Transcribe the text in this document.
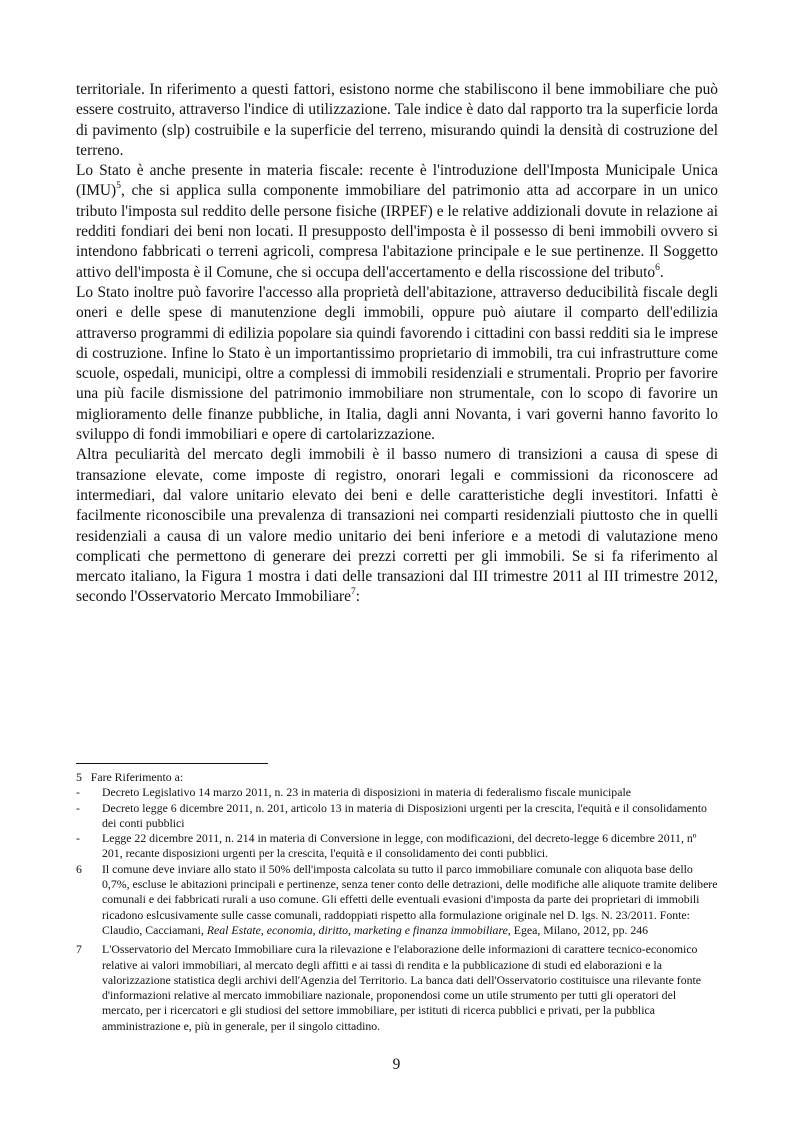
territoriale. In riferimento a questi fattori, esistono norme che stabiliscono il bene immobiliare che può essere costruito, attraverso l'indice di utilizzazione. Tale indice è dato dal rapporto tra la superficie lorda di pavimento (slp) costruibile e la superficie del terreno, misurando quindi la densità di costruzione del terreno.

Lo Stato è anche presente in materia fiscale: recente è l'introduzione dell'Imposta Municipale Unica (IMU)$^5$, che si applica sulla componente immobiliare del patrimonio atta ad accorpare in un unico tributo l'imposta sul reddito delle persone fisiche (IRPEF) e le relative addizionali dovute in relazione ai redditi fondiari dei beni non locati. Il presupposto dell'imposta è il possesso di beni immobili ovvero si intendono fabbricati o terreni agricoli, compresa l'abitazione principale e le sue pertinenze. Il Soggetto attivo dell'imposta è il Comune, che si occupa dell'accertamento e della riscossione del tributo$^6$.

Lo Stato inoltre può favorire l'accesso alla proprietà dell'abitazione, attraverso deducibilità fiscale degli oneri e delle spese di manutenzione degli immobili, oppure può aiutare il comparto dell'edilizia attraverso programmi di edilizia popolare sia quindi favorendo i cittadini con bassi redditi sia le imprese di costruzione. Infine lo Stato è un importantissimo proprietario di immobili, tra cui infrastrutture come scuole, ospedali, municipi, oltre a complessi di immobili residenziali e strumentali. Proprio per favorire una più facile dismissione del patrimonio immobiliare non strumentale, con lo scopo di favorire un miglioramento delle finanze pubbliche, in Italia, dagli anni Novanta, i vari governi hanno favorito lo sviluppo di fondi immobiliari e opere di cartolarizzazione.

Altra peculiarità del mercato degli immobili è il basso numero di transizioni a causa di spese di transazione elevate, come imposte di registro, onorari legali e commissioni da riconoscere ad intermediari, dal valore unitario elevato dei beni e delle caratteristiche degli investitori. Infatti è facilmente riconoscibile una prevalenza di transazioni nei comparti residenziali piuttosto che in quelli residenziali a causa di un valore medio unitario dei beni inferiore e a metodi di valutazione meno complicati che permettono di generare dei prezzi corretti per gli immobili. Se si fa riferimento al mercato italiano, la Figura 1 mostra i dati delle transazioni dal III trimestre 2011 al III trimestre 2012, secondo l'Osservatorio Mercato Immobiliare$^7$:

5 Fare Riferimento a:

- Decreto Legislativo 14 marzo 2011, n. 23 in materia di disposizioni in materia di federalismo fiscale municipale

- Decreto legge 6 dicembre 2011, n. 201, articolo 13 in materia di Disposizioni urgenti per la crescita, l'equità e il consolidamento dei conti pubblici

- Legge 22 dicembre 2011, n. 214 in materia di Conversione in legge, con modificazioni, del decreto-legge 6 dicembre 2011, nº 201, recante disposizioni urgenti per la crescita, l'equità e il consolidamento dei conti pubblici.

6 Il comune deve inviare allo stato il 50% dell'imposta calcolata su tutto il parco immobiliare comunale con aliquota base dello 0,7%, escluse le abitazioni principali e pertinenze, senza tener conto delle detrazioni, delle modifiche alle aliquote tramite delibere comunali e dei fabbricati rurali a uso comune. Gli effetti delle eventuali evasioni d'imposta da parte dei proprietari di immobili ricadono eslcusivamente sulle casse comunali, raddoppiati rispetto alla formulazione originale nel D. lgs. N. 23/2011. Fonte: Claudio, Cacciamani, Real Estate, economia, diritto, marketing e finanza immobiliare, Egea, Milano, 2012, pp. 246

7 L'Osservatorio del Mercato Immobiliare cura la rilevazione e l'elaborazione delle informazioni di carattere tecnico-economico relative ai valori immobiliari, al mercato degli affitti e ai tassi di rendita e la pubblicazione di studi ed elaborazioni e la valorizzazione statistica degli archivi dell'Agenzia del Territorio. La banca dati dell'Osservatorio costituisce una rilevante fonte d'informazioni relative al mercato immobiliare nazionale, proponendosi come un utile strumento per tutti gli operatori del mercato, per i ricercatori e gli studiosi del settore immobiliare, per istituti di ricerca pubblici e privati, per la pubblica amministrazione e, più in generale, per il singolo cittadino.

9
